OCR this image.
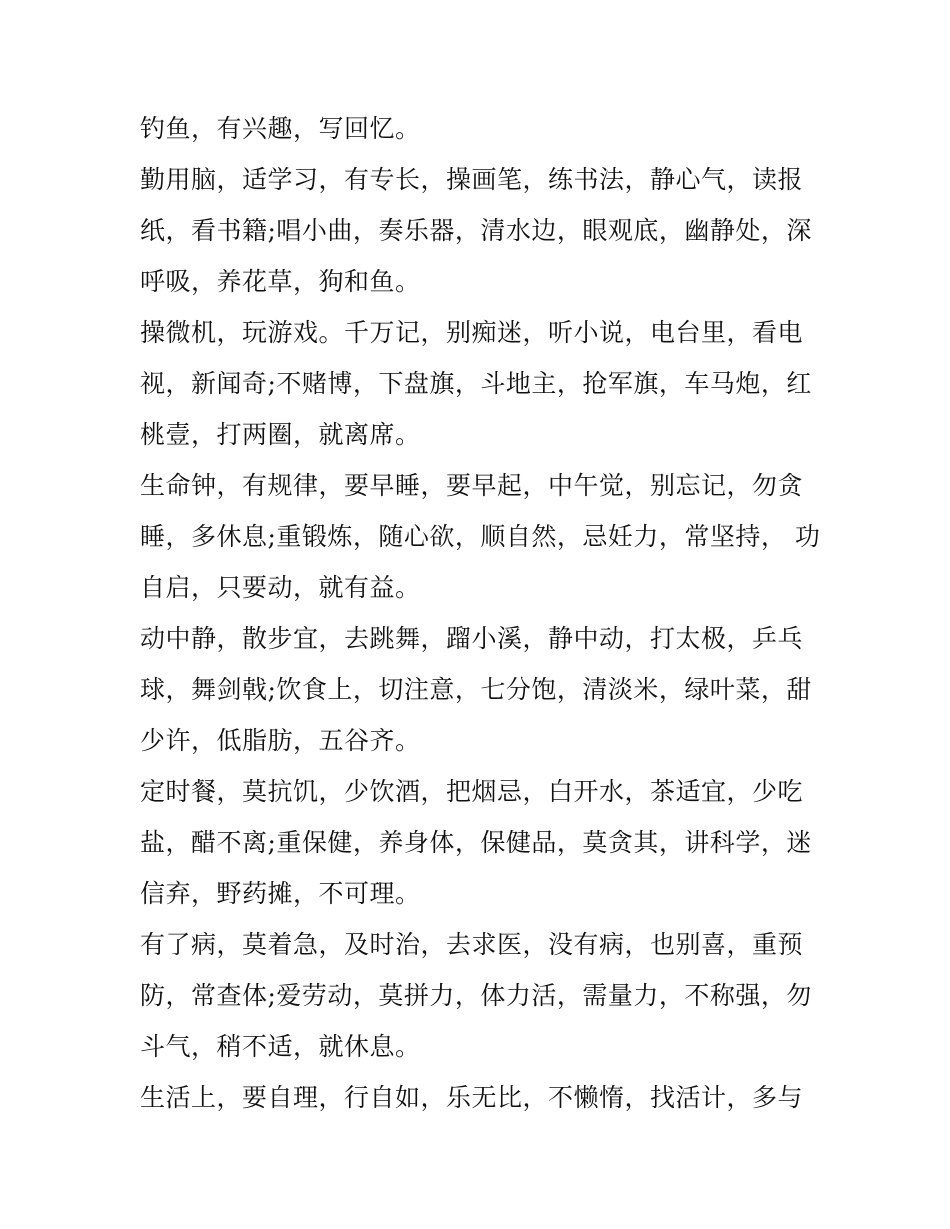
钓鱼，有兴趣，写回忆。
勤用脑，适学习，有专长，操画笔，练书法，静心气，读报
纸，看书籍;唱小曲，奏乐器，清水边，眼观底，幽静处，深
呼吸，养花草，狗和鱼。
操微机，玩游戏。千万记，别痴迷，听小说，电台里，看电
视，新闻奇;不赌博，下盘旗，斗地主，抢军旗，车马炮，红
桃壹，打两圈，就离席。
生命钟，有规律，要早睡，要早起，中午觉，别忘记，勿贪
睡，多休息;重锻炼，随心欲，顺自然，忌妊力，常坚持， 功
自启，只要动，就有益。
动中静，散步宜，去跳舞，蹓小溪，静中动，打太极，乒乓
球，舞剑戟;饮食上，切注意，七分饱，清淡米，绿叶菜，甜
少许，低脂肪，五谷齐。
定时餐，莫抗饥，少饮酒，把烟忌，白开水，茶适宜，少吃
盐，醋不离;重保健，养身体，保健品，莫贪其，讲科学，迷
信弃，野药摊，不可理。
有了病，莫着急，及时治，去求医，没有病，也别喜，重预
防，常查体;爱劳动，莫拼力，体力活，需量力，不称强，勿
斗气，稍不适，就休息。
生活上，要自理，行自如，乐无比，不懒惰，找活计，多与
